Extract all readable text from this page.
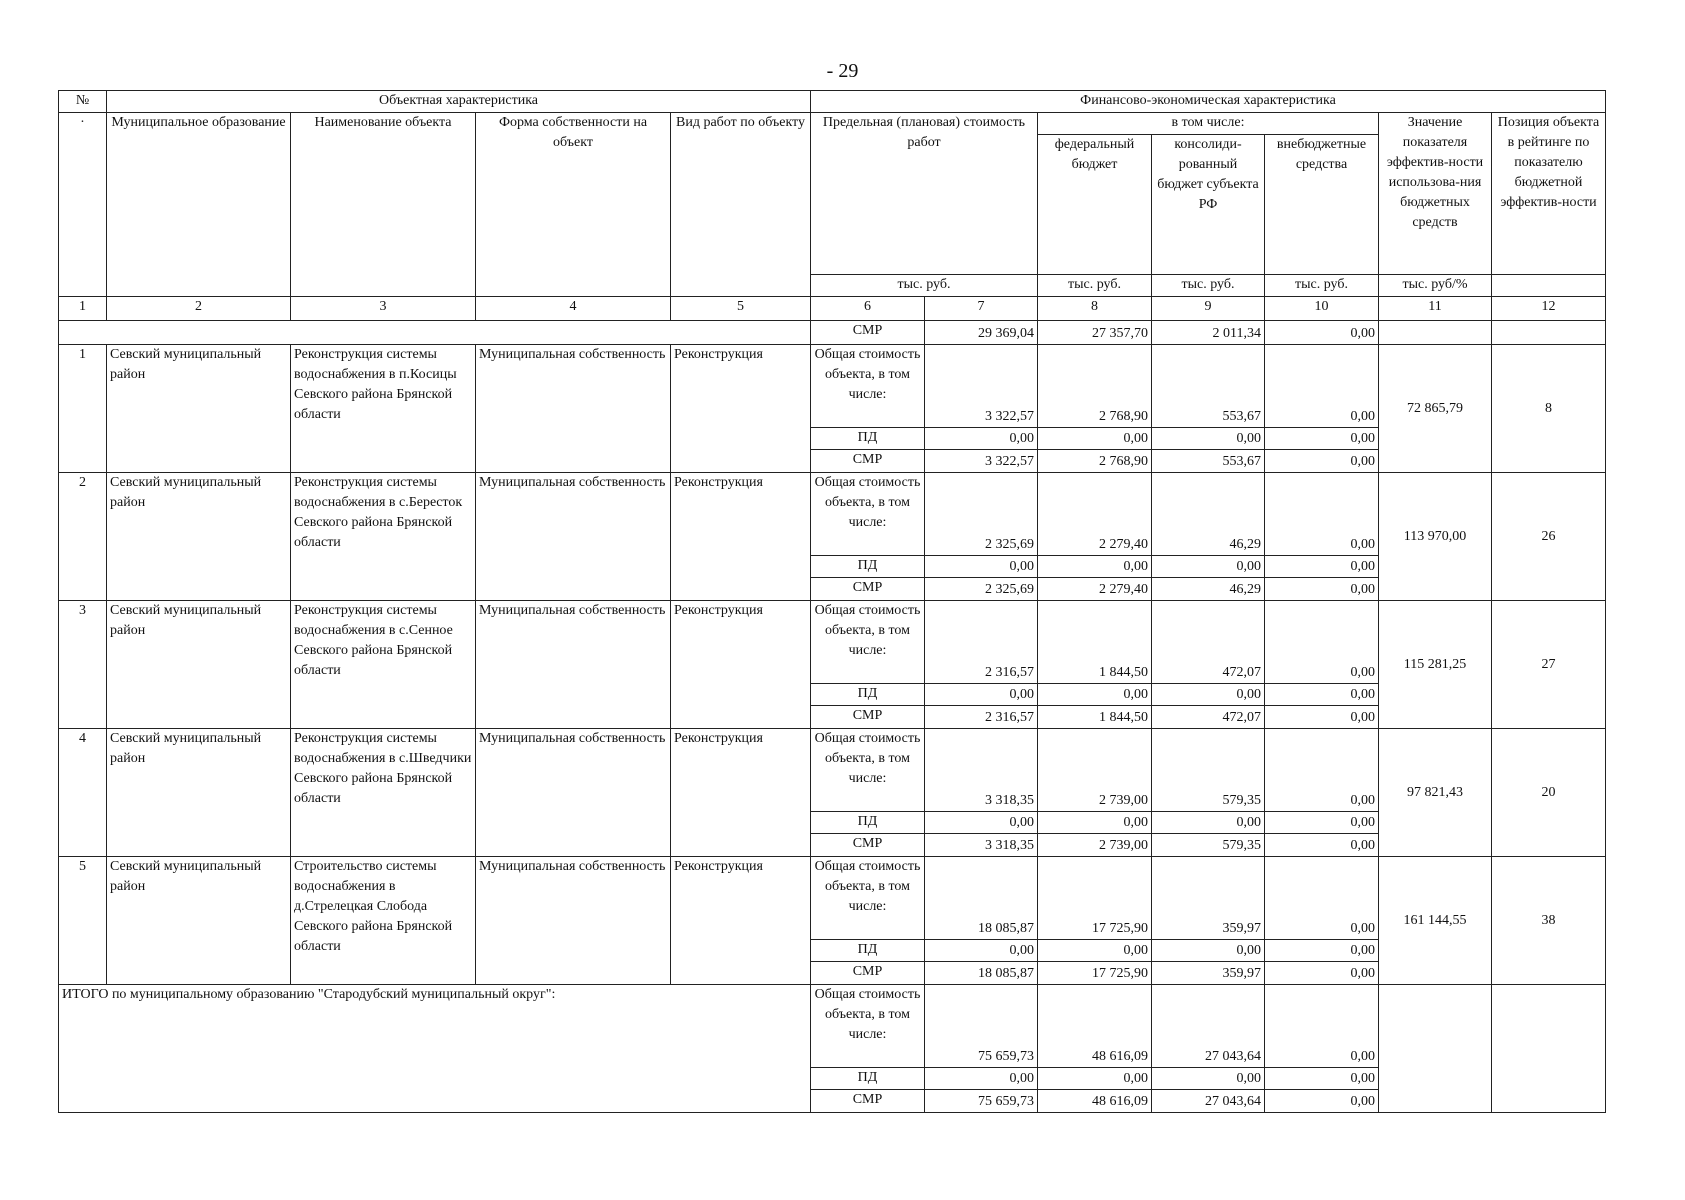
- 29
№	Объектная характеристика				Финансово-экономическая характеристика						
·	Муниципальное образование	Наименование объекта	Форма собственности на объект	Вид работ по объекту	Предельная (плановая) стоимость работ		в том числе:			Значение показателя эффектив-ности использова-ния бюджетных средств	Позиция объекта в рейтинге по показателю бюджетной эффектив-ности
							федеральный бюджет	консолиди-рованный бюджет субъекта РФ	внебюджетные средства		
					тыс. руб.		тыс. руб.	тыс. руб.	тыс. руб.	тыс. руб/%	
1	2	3	4	5	6	7	8	9	10	11	12
					СМР	29 369,04	27 357,70	2 011,34	0,00		
1	Севский муниципальный район	Реконструкция системы водоснабжения в п.Косицы Севского района Брянской области	Муниципальная собственность	Реконструкция	Общая стоимость объекта, в том числе:	3 322,57	2 768,90	553,67	0,00	72 865,79	8
					ПД	0,00	0,00	0,00	0,00		
					СМР	3 322,57	2 768,90	553,67	0,00		
2	Севский муниципальный район	Реконструкция системы водоснабжения в с.Береcток Севского района Брянской области	Муниципальная собственность	Реконструкция	Общая стоимость объекта, в том числе:	2 325,69	2 279,40	46,29	0,00	113 970,00	26
					ПД	0,00	0,00	0,00	0,00		
					СМР	2 325,69	2 279,40	46,29	0,00		
3	Севский муниципальный район	Реконструкция системы водоснабжения в с.Сенное Севского района Брянской области	Муниципальная собственность	Реконструкция	Общая стоимость объекта, в том числе:	2 316,57	1 844,50	472,07	0,00	115 281,25	27
					ПД	0,00	0,00	0,00	0,00		
					СМР	2 316,57	1 844,50	472,07	0,00		
4	Севский муниципальный район	Реконструкция системы водоснабжения в с.Шведчики Севского района Брянской области	Муниципальная собственность	Реконструкция	Общая стоимость объекта, в том числе:	3 318,35	2 739,00	579,35	0,00	97 821,43	20
					ПД	0,00	0,00	0,00	0,00		
					СМР	3 318,35	2 739,00	579,35	0,00		
5	Севский муниципальный район	Строительство системы водоснабжения в д.Стрелецкая Слобода Севского района Брянской области	Муниципальная собственность	Реконструкция	Общая стоимость объекта, в том числе:	18 085,87	17 725,90	359,97	0,00	161 144,55	38
					ПД	0,00	0,00	0,00	0,00		
					СМР	18 085,87	17 725,90	359,97	0,00		
ИТОГО по муниципальному образованию "Стародубский муниципальный округ":					Общая стоимость объекта, в том числе:	75 659,73	48 616,09	27 043,64	0,00		
					ПД	0,00	0,00	0,00	0,00		
					СМР	75 659,73	48 616,09	27 043,64	0,00		
